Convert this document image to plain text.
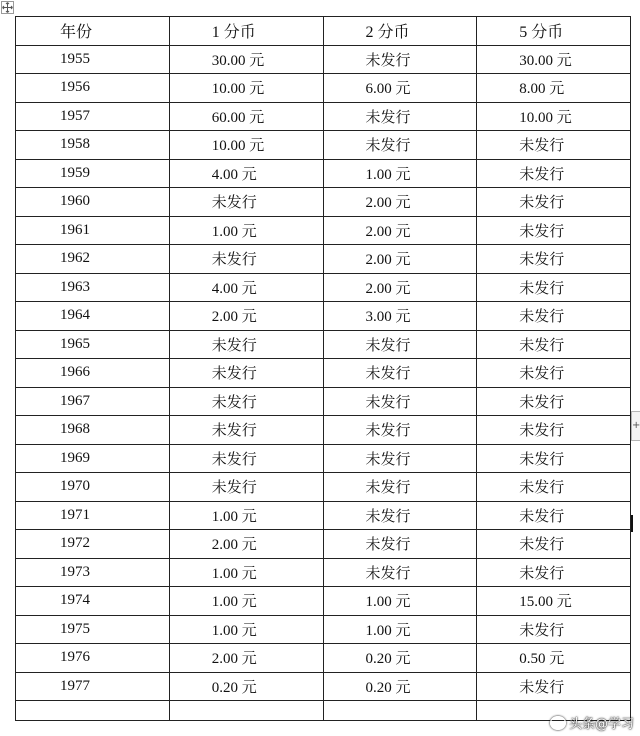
年份	1 分币	2 分币	5 分币
1955	30.00 元	未发行	30.00 元
1956	10.00 元	6.00 元	8.00 元
1957	60.00 元	未发行	10.00 元
1958	10.00 元	未发行	未发行
1959	4.00 元	1.00 元	未发行
1960	未发行	2.00 元	未发行
1961	1.00 元	2.00 元	未发行
1962	未发行	2.00 元	未发行
1963	4.00 元	2.00 元	未发行
1964	2.00 元	3.00 元	未发行
1965	未发行	未发行	未发行
1966	未发行	未发行	未发行
1967	未发行	未发行	未发行
1968	未发行	未发行	未发行
1969	未发行	未发行	未发行
1970	未发行	未发行	未发行
1971	1.00 元	未发行	未发行
1972	2.00 元	未发行	未发行
1973	1.00 元	未发行	未发行
1974	1.00 元	1.00 元	15.00 元
1975	1.00 元	1.00 元	未发行
1976	2.00 元	0.20 元	0.50 元
1977	0.20 元	0.20 元	未发行

+
头条@学习
